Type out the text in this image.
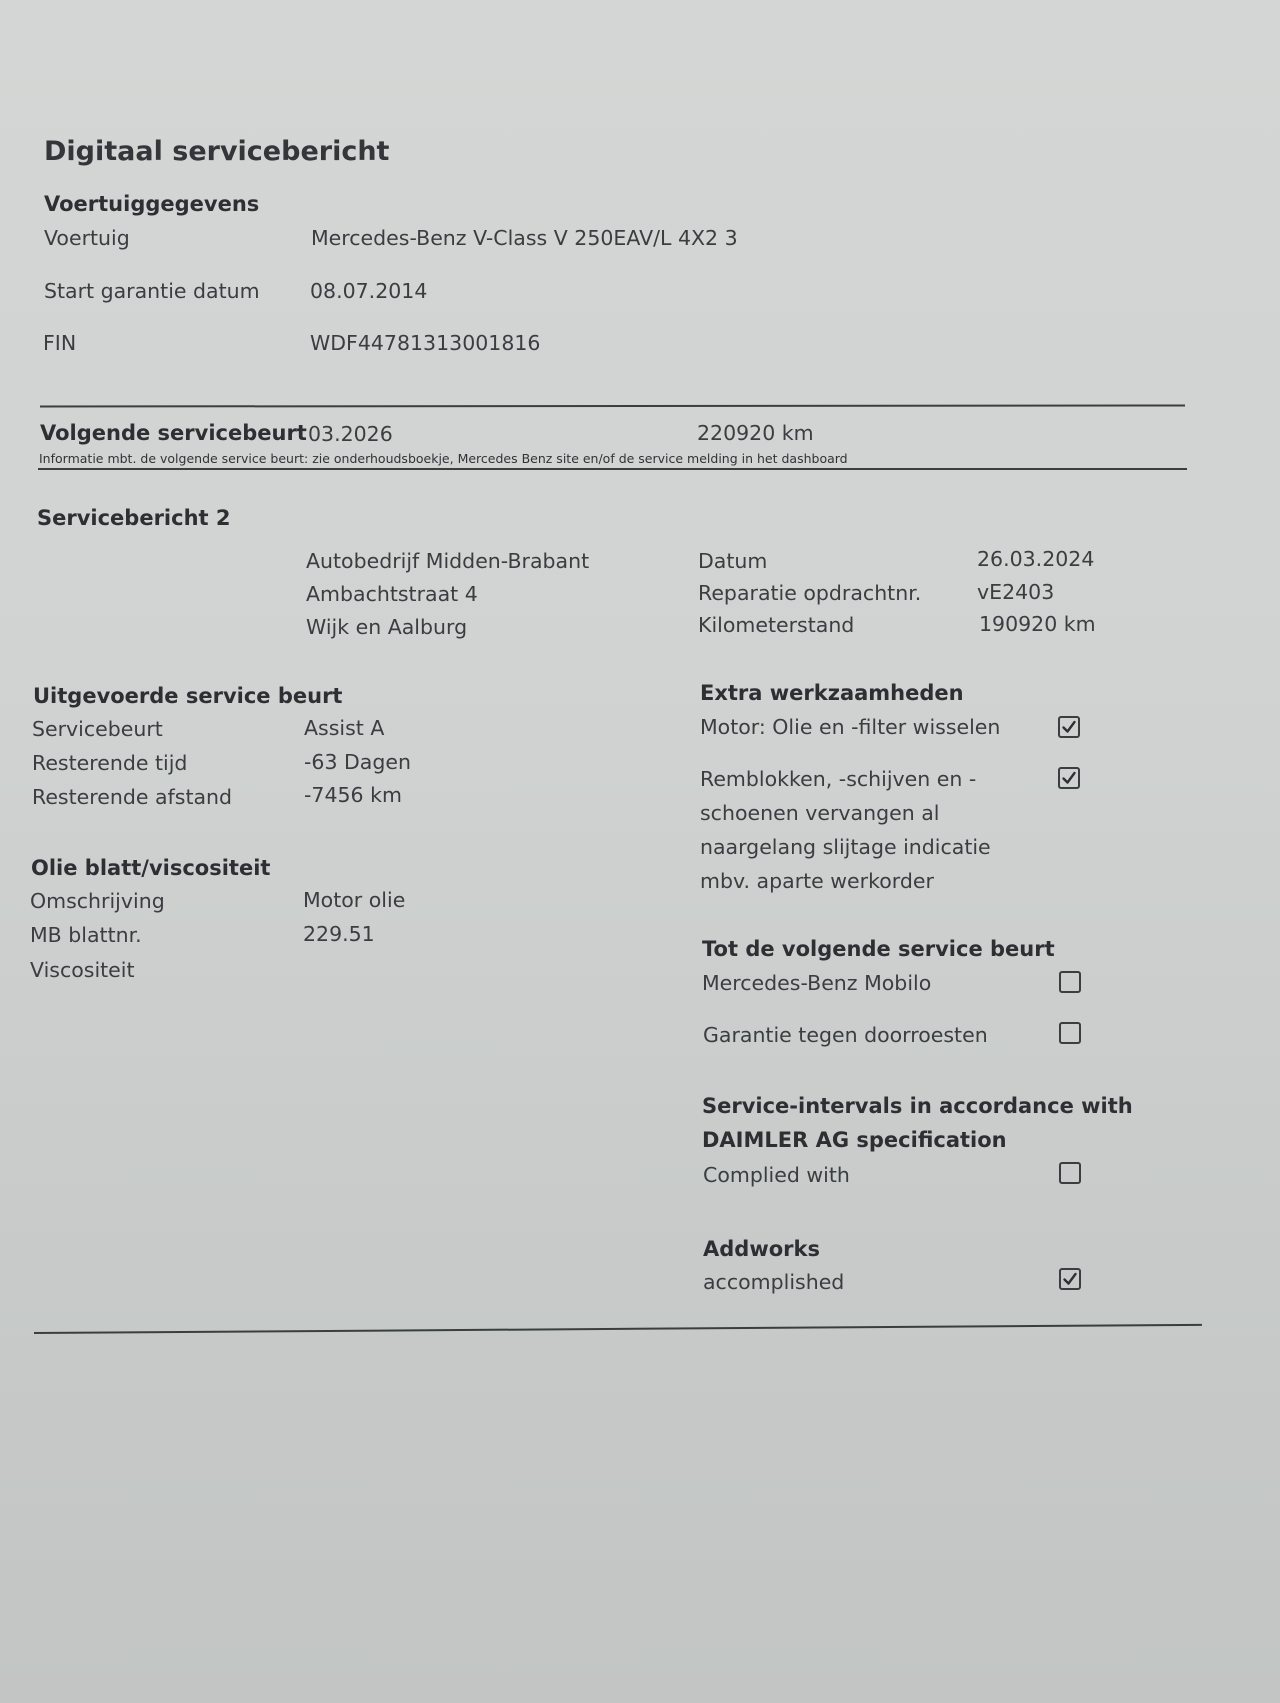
Digitaal servicebericht
Voertuiggegevens
Voertuig	Mercedes-Benz V-Class V 250EAV/L 4X2 3
Start garantie datum 08.07.2014
FIN	WDF44781313001816
Volgende servicebeurt 03.2026	220920 km
Informatie mbt. de volgende service beurt: zie onderhoudsboekje, Mercedes Benz site en/of de service melding in het dashboard
Servicebericht 2
Autobedrijf Midden-Brabant
Ambachtstraat 4
Wijk en Aalburg
Datum	26.03.2024
Reparatie opdrachtnr.	vE2403
Kilometerstand	190920 km
Uitgevoerde service beurt
Servicebeurt	Assist A
Resterende tijd	-63 Dagen
Resterende afstand	-7456 km
Olie blatt/viscositeit
Omschrijving	Motor olie
MB blattnr.	229.51
Viscositeit
Extra werkzaamheden
Motor: Olie en -filter wisselen
Remblokken, -schijven en -schoenen vervangen al naargelang slijtage indicatie mbv. aparte werkorder
Tot de volgende service beurt
Mercedes-Benz Mobilo
Garantie tegen doorroesten
Service-intervals in accordance with
DAIMLER AG specification
Complied with
Addworks
accomplished
